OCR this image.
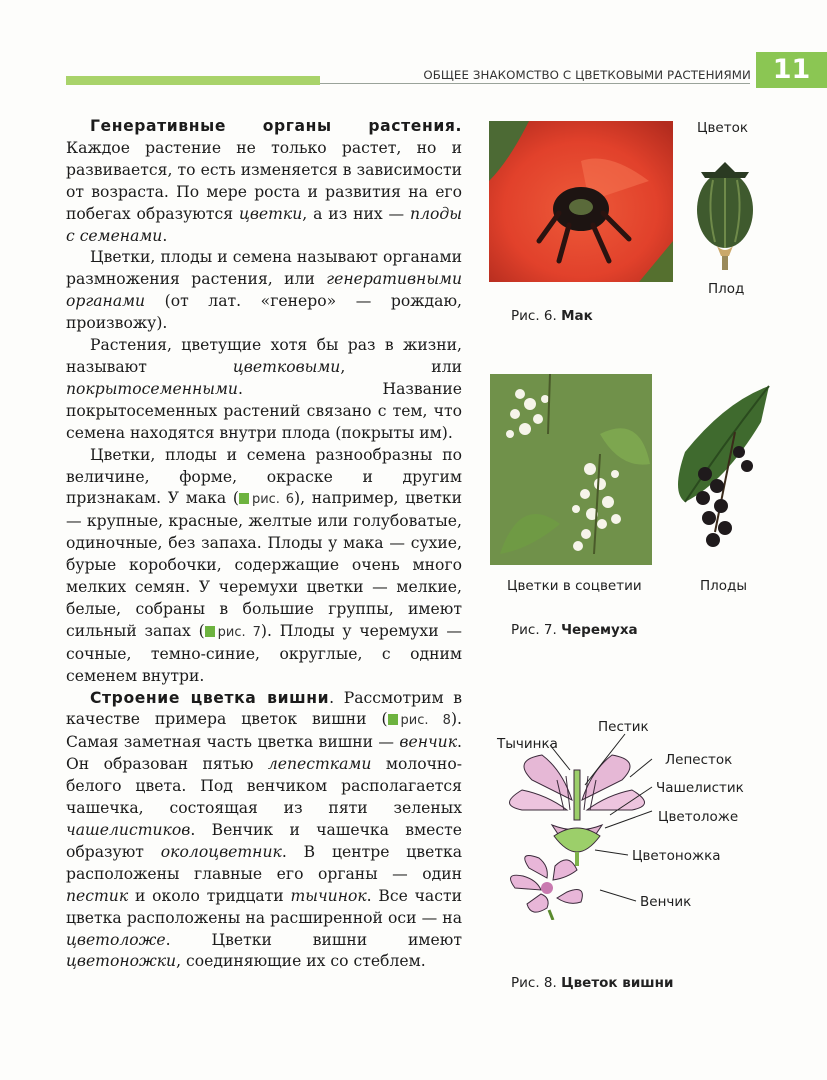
ОБЩЕЕ ЗНАКОМСТВО С ЦВЕТКОВЫМИ РАСТЕНИЯМИ 11

Генеративные органы растения. Каждое растение не только растет, но и развивается, то есть изменяется в зависимости от возраста. По мере роста и развития на его побегах образуются цветки, а из них — плоды с семенами.

Цветки, плоды и семена называют органами размножения растения, или генеративными органами (от лат. «генеро» — рождаю, произвожу).

Растения, цветущие хотя бы раз в жизни, называют цветковыми, или покрытосеменными. Название покрытосеменных растений связано с тем, что семена находятся внутри плода (покрыты им).

Цветки, плоды и семена разнообразны по величине, форме, окраске и другим признакам. У мака ( рис. 6), например, цветки — крупные, красные, желтые или голубоватые, одиночные, без запаха. Плоды у мака — сухие, бурые коробочки, содержащие очень много мелких семян. У черемухи цветки — мелкие, белые, собраны в большие группы, имеют сильный запах ( рис. 7). Плоды у черемухи — сочные, темно-синие, округлые, с одним семенем внутри.

Строение цветка вишни. Рассмотрим в качестве примера цветок вишни ( рис. 8). Самая заметная часть цветка вишни — венчик. Он образован пятью лепестками молочно-белого цвета. Под венчиком располагается чашечка, состоящая из пяти зеленых чашелистиков. Венчик и чашечка вместе образуют околоцветник. В центре цветка расположены главные его органы — один пестик и около тридцати тычинок. Все части цветка расположены на расширенной оси — на цветоложе. Цветки вишни имеют цветоножки, соединяющие их со стеблем.

Цветок
Плод
Рис. 6. Мак
Цветки в соцветии	Плоды
Рис. 7. Черемуха
Пестик
Тычинка
Лепесток
Чашелистик
Цветоложе
Цветоножка
Венчик
Рис. 8. Цветок вишни
